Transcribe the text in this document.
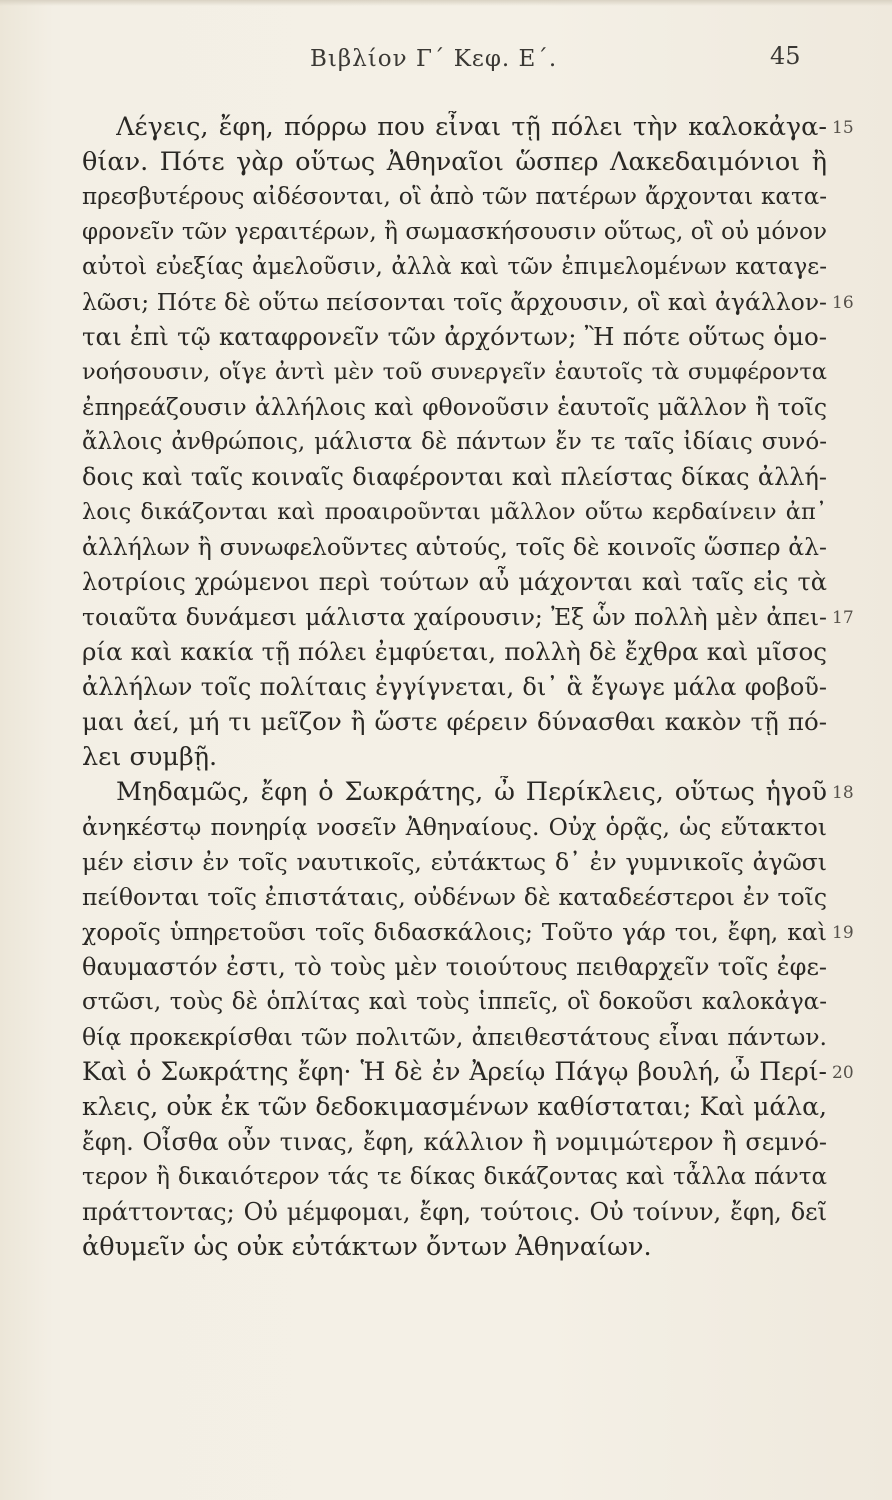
Βιβλίον Γ´ Κεφ. Ε´.	45
Λέγεις, ἔφη, πόρρω που εἶναι τῇ πόλει τὴν καλοκἀγα-
θίαν. Πότε γὰρ οὕτως Ἀθηναῖοι ὥσπερ Λακεδαιμόνιοι ἢ
πρεσβυτέρους αἰδέσονται, οἳ ἀπὸ τῶν πατέρων ἄρχονται κατα-
φρονεῖν τῶν γεραιτέρων, ἢ σωμασκήσουσιν οὕτως, οἳ οὐ μόνον
αὐτοὶ εὐεξίας ἀμελοῦσιν, ἀλλὰ καὶ τῶν ἐπιμελομένων καταγε-
λῶσι; Πότε δὲ οὕτω πείσονται τοῖς ἄρχουσιν, οἳ καὶ ἀγάλλον-
ται ἐπὶ τῷ καταφρονεῖν τῶν ἀρχόντων; Ἢ πότε οὕτως ὁμο-
νοήσουσιν, οἵγε ἀντὶ μὲν τοῦ συνεργεῖν ἑαυτοῖς τὰ συμφέροντα
ἐπηρεάζουσιν ἀλλήλοις καὶ φθονοῦσιν ἑαυτοῖς μᾶλλον ἢ τοῖς
ἄλλοις ἀνθρώποις, μάλιστα δὲ πάντων ἔν τε ταῖς ἰδίαις συνό-
δοις καὶ ταῖς κοιναῖς διαφέρονται καὶ πλείστας δίκας ἀλλή-
λοις δικάζονται καὶ προαιροῦνται μᾶλλον οὕτω κερδαίνειν ἀπ᾽
ἀλλήλων ἢ συνωφελοῦντες αὑτούς, τοῖς δὲ κοινοῖς ὥσπερ ἀλ-
λοτρίοις χρώμενοι περὶ τούτων αὖ μάχονται καὶ ταῖς εἰς τὰ
τοιαῦτα δυνάμεσι μάλιστα χαίρουσιν; Ἐξ ὧν πολλὴ μὲν ἀπει-
ρία καὶ κακία τῇ πόλει ἐμφύεται, πολλὴ δὲ ἔχθρα καὶ μῖσος
ἀλλήλων τοῖς πολίταις ἐγγίγνεται, δι᾽ ἃ ἔγωγε μάλα φοβοῦ-
μαι ἀεί, μή τι μεῖζον ἢ ὥστε φέρειν δύνασθαι κακὸν τῇ πό-
λει συμβῇ.
Μηδαμῶς, ἔφη ὁ Σωκράτης, ὦ Περίκλεις, οὕτως ἡγοῦ
ἀνηκέστῳ πονηρίᾳ νοσεῖν Ἀθηναίους. Οὐχ ὁρᾷς, ὡς εὔτακτοι
μέν εἰσιν ἐν τοῖς ναυτικοῖς, εὐτάκτως δ᾽ ἐν γυμνικοῖς ἀγῶσι
πείθονται τοῖς ἐπιστάταις, οὐδένων δὲ καταδεέστεροι ἐν τοῖς
χοροῖς ὑπηρετοῦσι τοῖς διδασκάλοις; Τοῦτο γάρ τοι, ἔφη, καὶ
θαυμαστόν ἐστι, τὸ τοὺς μὲν τοιούτους πειθαρχεῖν τοῖς ἐφε-
στῶσι, τοὺς δὲ ὁπλίτας καὶ τοὺς ἱππεῖς, οἳ δοκοῦσι καλοκἀγα-
θίᾳ προκεκρίσθαι τῶν πολιτῶν, ἀπειθεστάτους εἶναι πάντων.
Καὶ ὁ Σωκράτης ἔφη· Ἡ δὲ ἐν Ἀρείῳ Πάγῳ βουλή, ὦ Περί-
κλεις, οὐκ ἐκ τῶν δεδοκιμασμένων καθίσταται; Καὶ μάλα,
ἔφη. Οἶσθα οὖν τινας, ἔφη, κάλλιον ἢ νομιμώτερον ἢ σεμνό-
τερον ἢ δικαιότερον τάς τε δίκας δικάζοντας καὶ τἆλλα πάντα
πράττοντας; Οὐ μέμφομαι, ἔφη, τούτοις. Οὐ τοίνυν, ἔφη, δεῖ
ἀθυμεῖν ὡς οὐκ εὐτάκτων ὄντων Ἀθηναίων.
15
16
17
18
19
20
